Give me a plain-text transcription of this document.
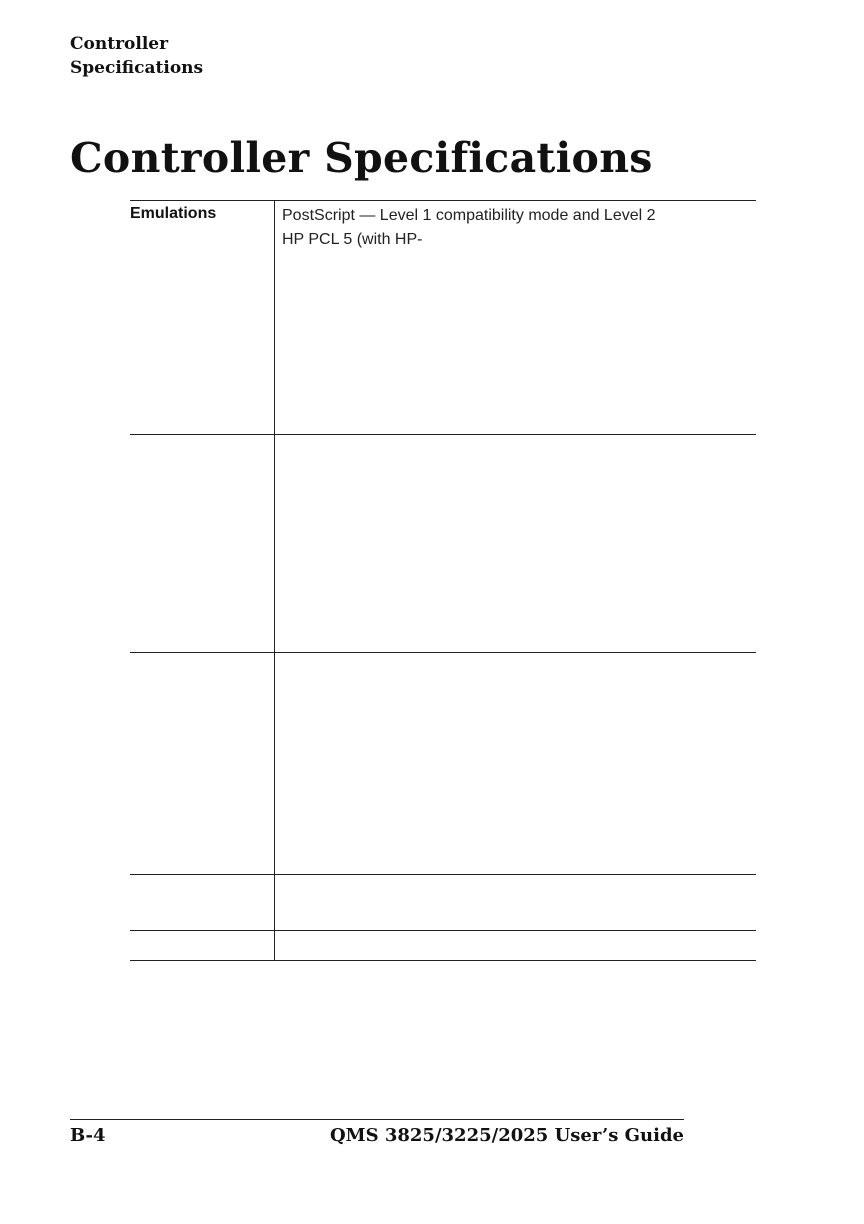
Controller
Specifications
Controller Specifications
Emulations	PostScript — Level 1 compatibility mode and Level 2
HP PCL 5 (with HP-
B-4	QMS 3825/3225/2025 User’s Guide
